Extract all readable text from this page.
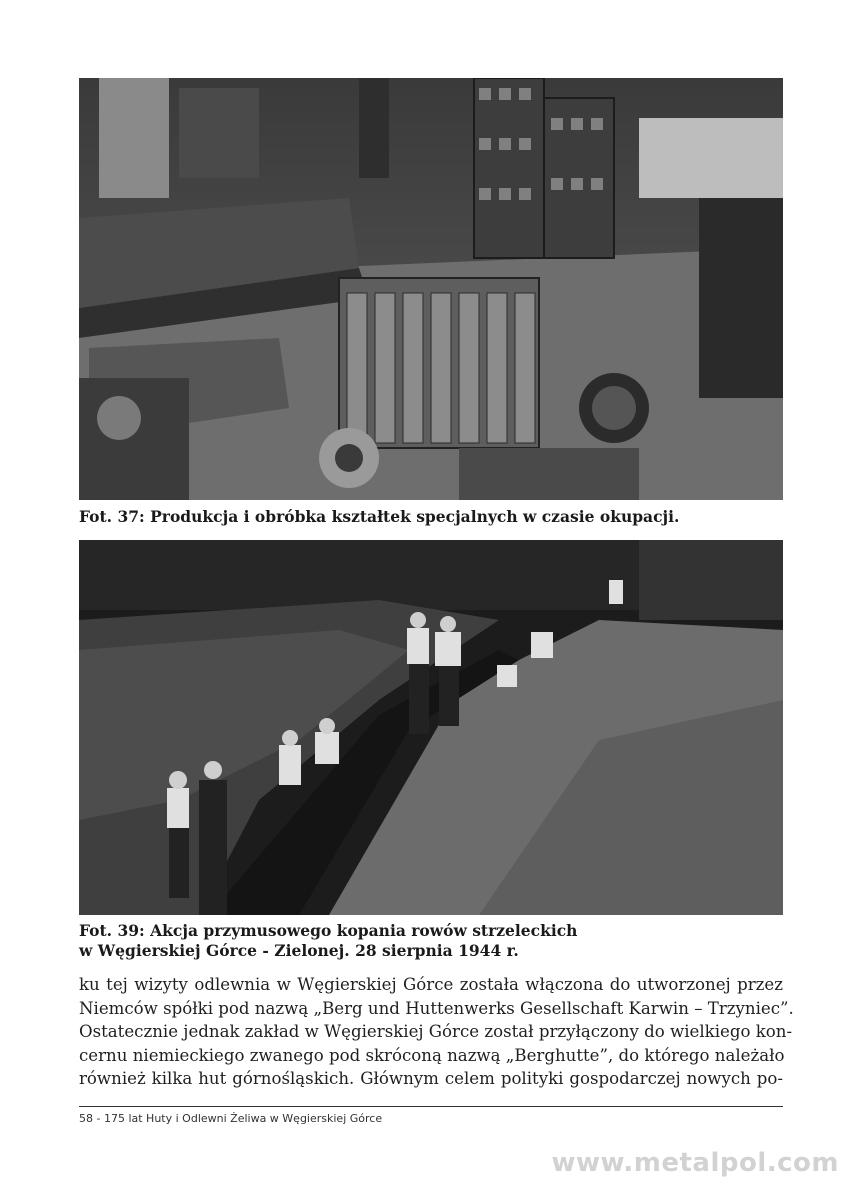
Fot. 37: Produkcja i obróbka kształtek specjalnych w czasie okupacji.
Fot. 39: Akcja przymusowego kopania rowów strzeleckich
w Węgierskiej Górce - Zielonej. 28 sierpnia 1944 r.
ku tej wizyty odlewnia w Węgierskiej Górce została włączona do utworzonej przez
Niemców spółki pod nazwą „Berg und Huttenwerks Gesellschaft Karwin – Trzyniec”.
Ostatecznie jednak zakład w Węgierskiej Górce został przyłączony do wielkiego kon-
cernu niemieckiego zwanego pod skróconą nazwą „Berghutte”, do którego należało
również kilka hut górnośląskich. Głównym celem polityki gospodarczej nowych po-
58 - 175 lat Huty i Odlewni Żeliwa w Węgierskiej Górce
www.metalpol.com
